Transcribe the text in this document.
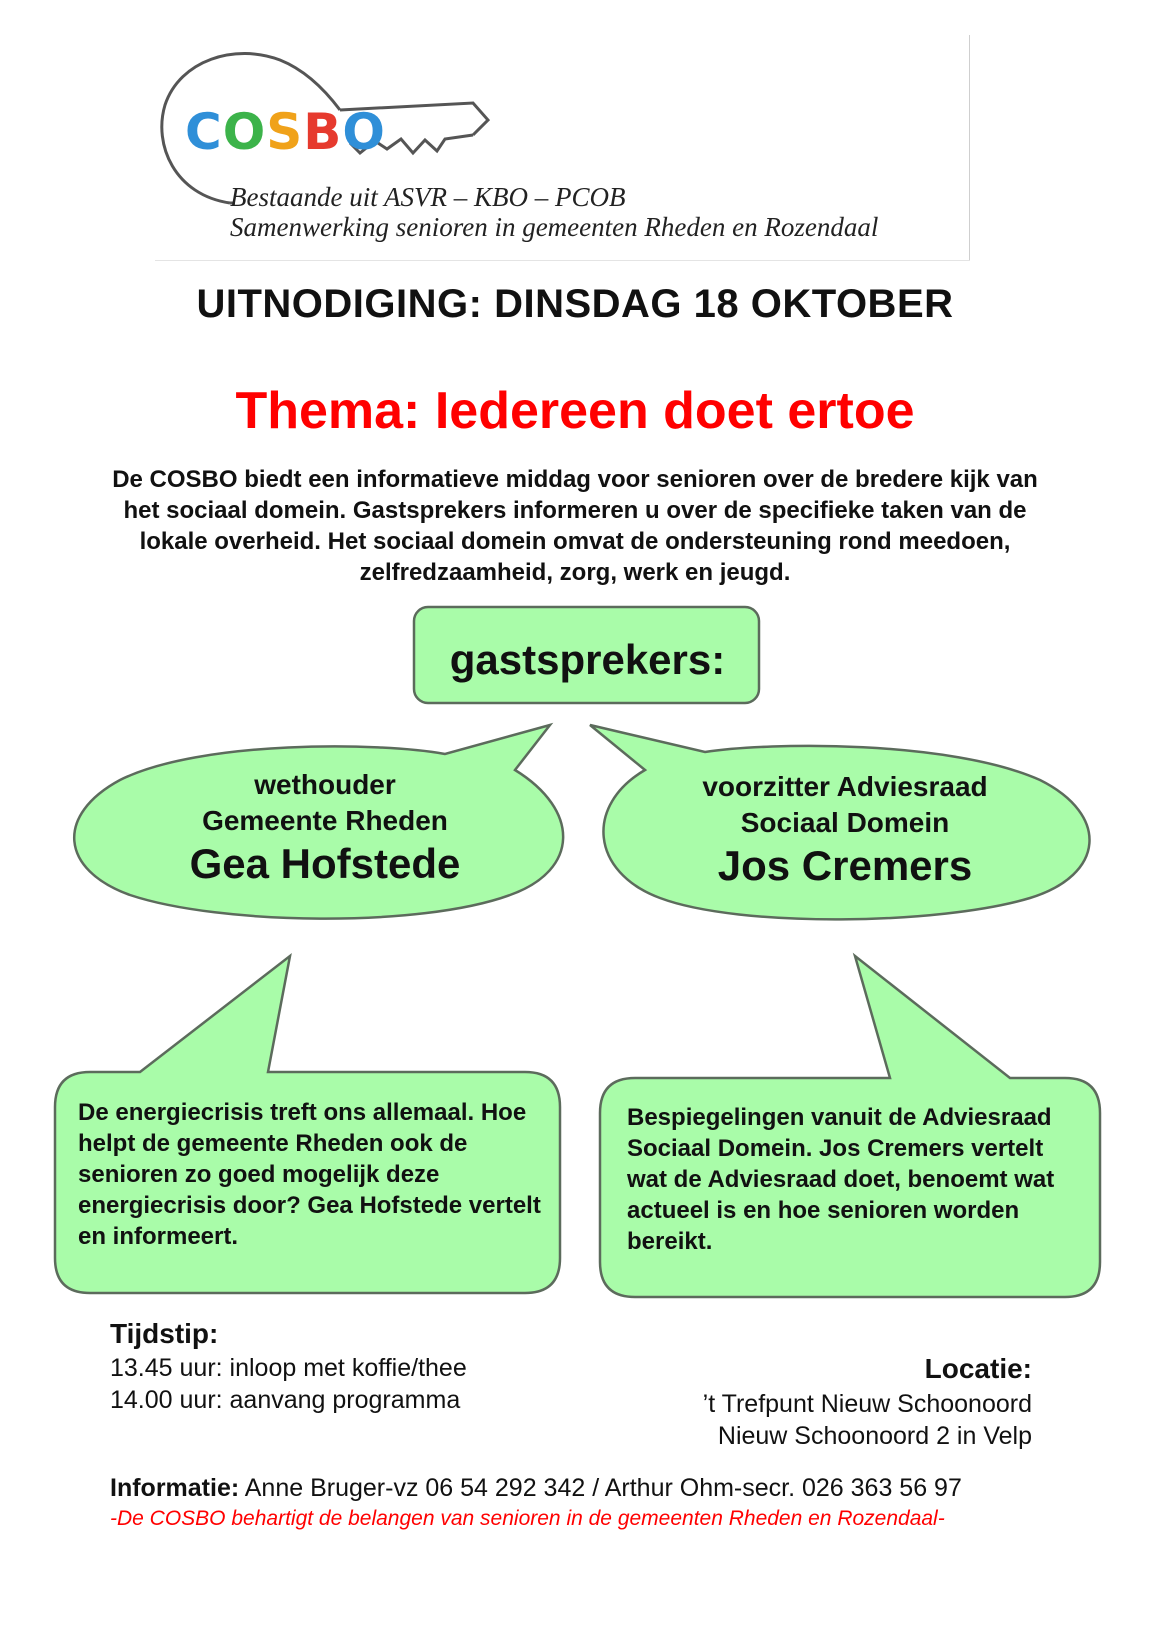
COSBO
Bestaande uit ASVR – KBO – PCOB
Samenwerking senioren in gemeenten Rheden en Rozendaal
UITNODIGING: DINSDAG 18 OKTOBER
Thema: Iedereen doet ertoe
De COSBO biedt een informatieve middag voor senioren over de bredere kijk van het sociaal domein. Gastsprekers informeren u over de specifieke taken van de lokale overheid. Het sociaal domein omvat de ondersteuning rond meedoen, zelfredzaamheid, zorg, werk en jeugd.
gastsprekers:
wethouder
Gemeente Rheden
Gea Hofstede
voorzitter Adviesraad
Sociaal Domein
Jos Cremers
De energiecrisis treft ons allemaal. Hoe helpt de gemeente Rheden ook de senioren zo goed mogelijk deze energiecrisis door? Gea Hofstede vertelt en informeert.
Bespiegelingen vanuit de Adviesraad Sociaal Domein. Jos Cremers vertelt wat de Adviesraad doet, benoemt wat actueel is en hoe senioren worden bereikt.
Tijdstip:
13.45 uur: inloop met koffie/thee
14.00 uur: aanvang programma
Locatie:
’t Trefpunt Nieuw Schoonoord
Nieuw Schoonoord 2 in Velp
Informatie: Anne Bruger-vz 06 54 292 342 / Arthur Ohm-secr. 026 363 56 97
-De COSBO behartigt de belangen van senioren in de gemeenten Rheden en Rozendaal-
